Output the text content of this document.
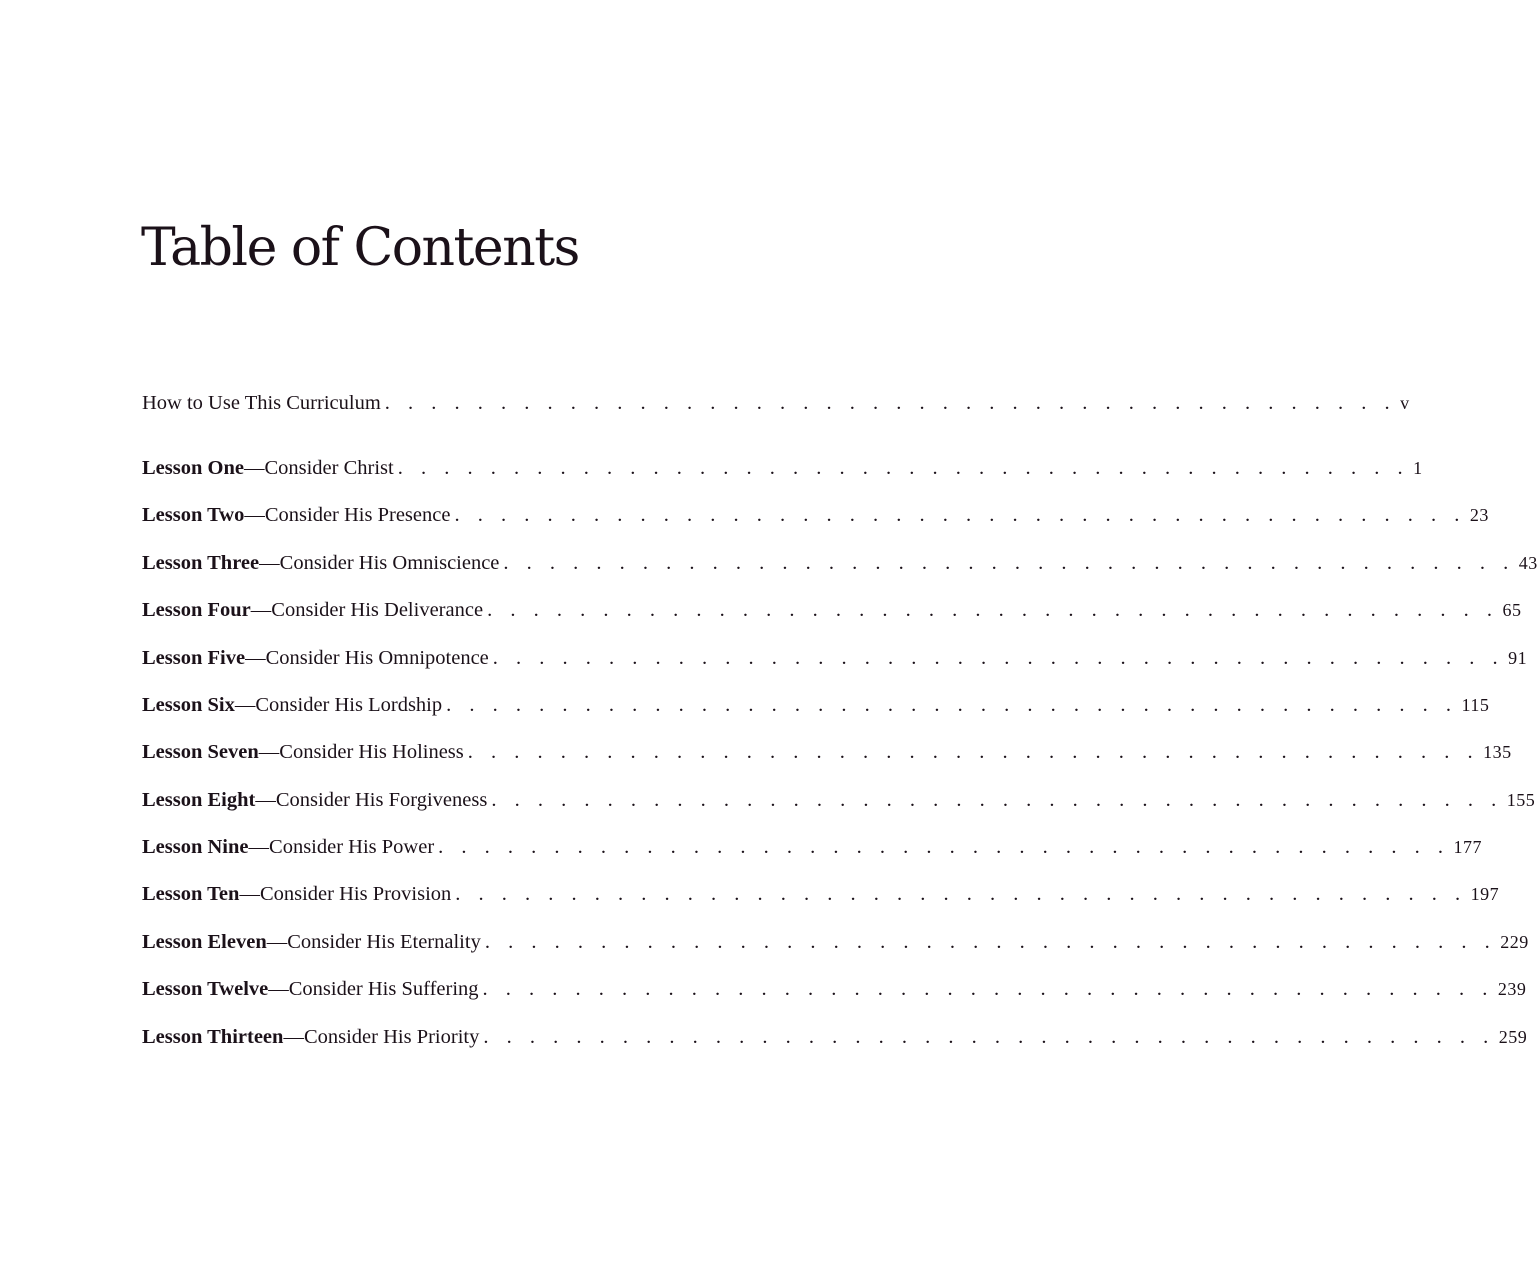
Table of Contents
How to Use This Curriculum . . . . . . . . . . . . . . . . . . . . . . . . . . . . . . . . . . . . . . . . . . . . v
Lesson One—Consider Christ . . . . . . . . . . . . . . . . . . . . . . . . . . . . . . . . . . . . . . . . . . . . 1
Lesson Two—Consider His Presence . . . . . . . . . . . . . . . . . . . . . . . . . . . . . . . . . . . . . . . . . . . . 23
Lesson Three—Consider His Omniscience . . . . . . . . . . . . . . . . . . . . . . . . . . . . . . . . . . . . . . . . . . . . 43
Lesson Four—Consider His Deliverance . . . . . . . . . . . . . . . . . . . . . . . . . . . . . . . . . . . . . . . . . . . . 65
Lesson Five—Consider His Omnipotence . . . . . . . . . . . . . . . . . . . . . . . . . . . . . . . . . . . . . . . . . . . . 91
Lesson Six—Consider His Lordship . . . . . . . . . . . . . . . . . . . . . . . . . . . . . . . . . . . . . . . . . . . . 115
Lesson Seven—Consider His Holiness . . . . . . . . . . . . . . . . . . . . . . . . . . . . . . . . . . . . . . . . . . . . 135
Lesson Eight—Consider His Forgiveness . . . . . . . . . . . . . . . . . . . . . . . . . . . . . . . . . . . . . . . . . . . . 155
Lesson Nine—Consider His Power . . . . . . . . . . . . . . . . . . . . . . . . . . . . . . . . . . . . . . . . . . . . 177
Lesson Ten—Consider His Provision . . . . . . . . . . . . . . . . . . . . . . . . . . . . . . . . . . . . . . . . . . . . 197
Lesson Eleven—Consider His Eternality . . . . . . . . . . . . . . . . . . . . . . . . . . . . . . . . . . . . . . . . . . . . 229
Lesson Twelve—Consider His Suffering . . . . . . . . . . . . . . . . . . . . . . . . . . . . . . . . . . . . . . . . . . . . 239
Lesson Thirteen—Consider His Priority . . . . . . . . . . . . . . . . . . . . . . . . . . . . . . . . . . . . . . . . . . . . 259
